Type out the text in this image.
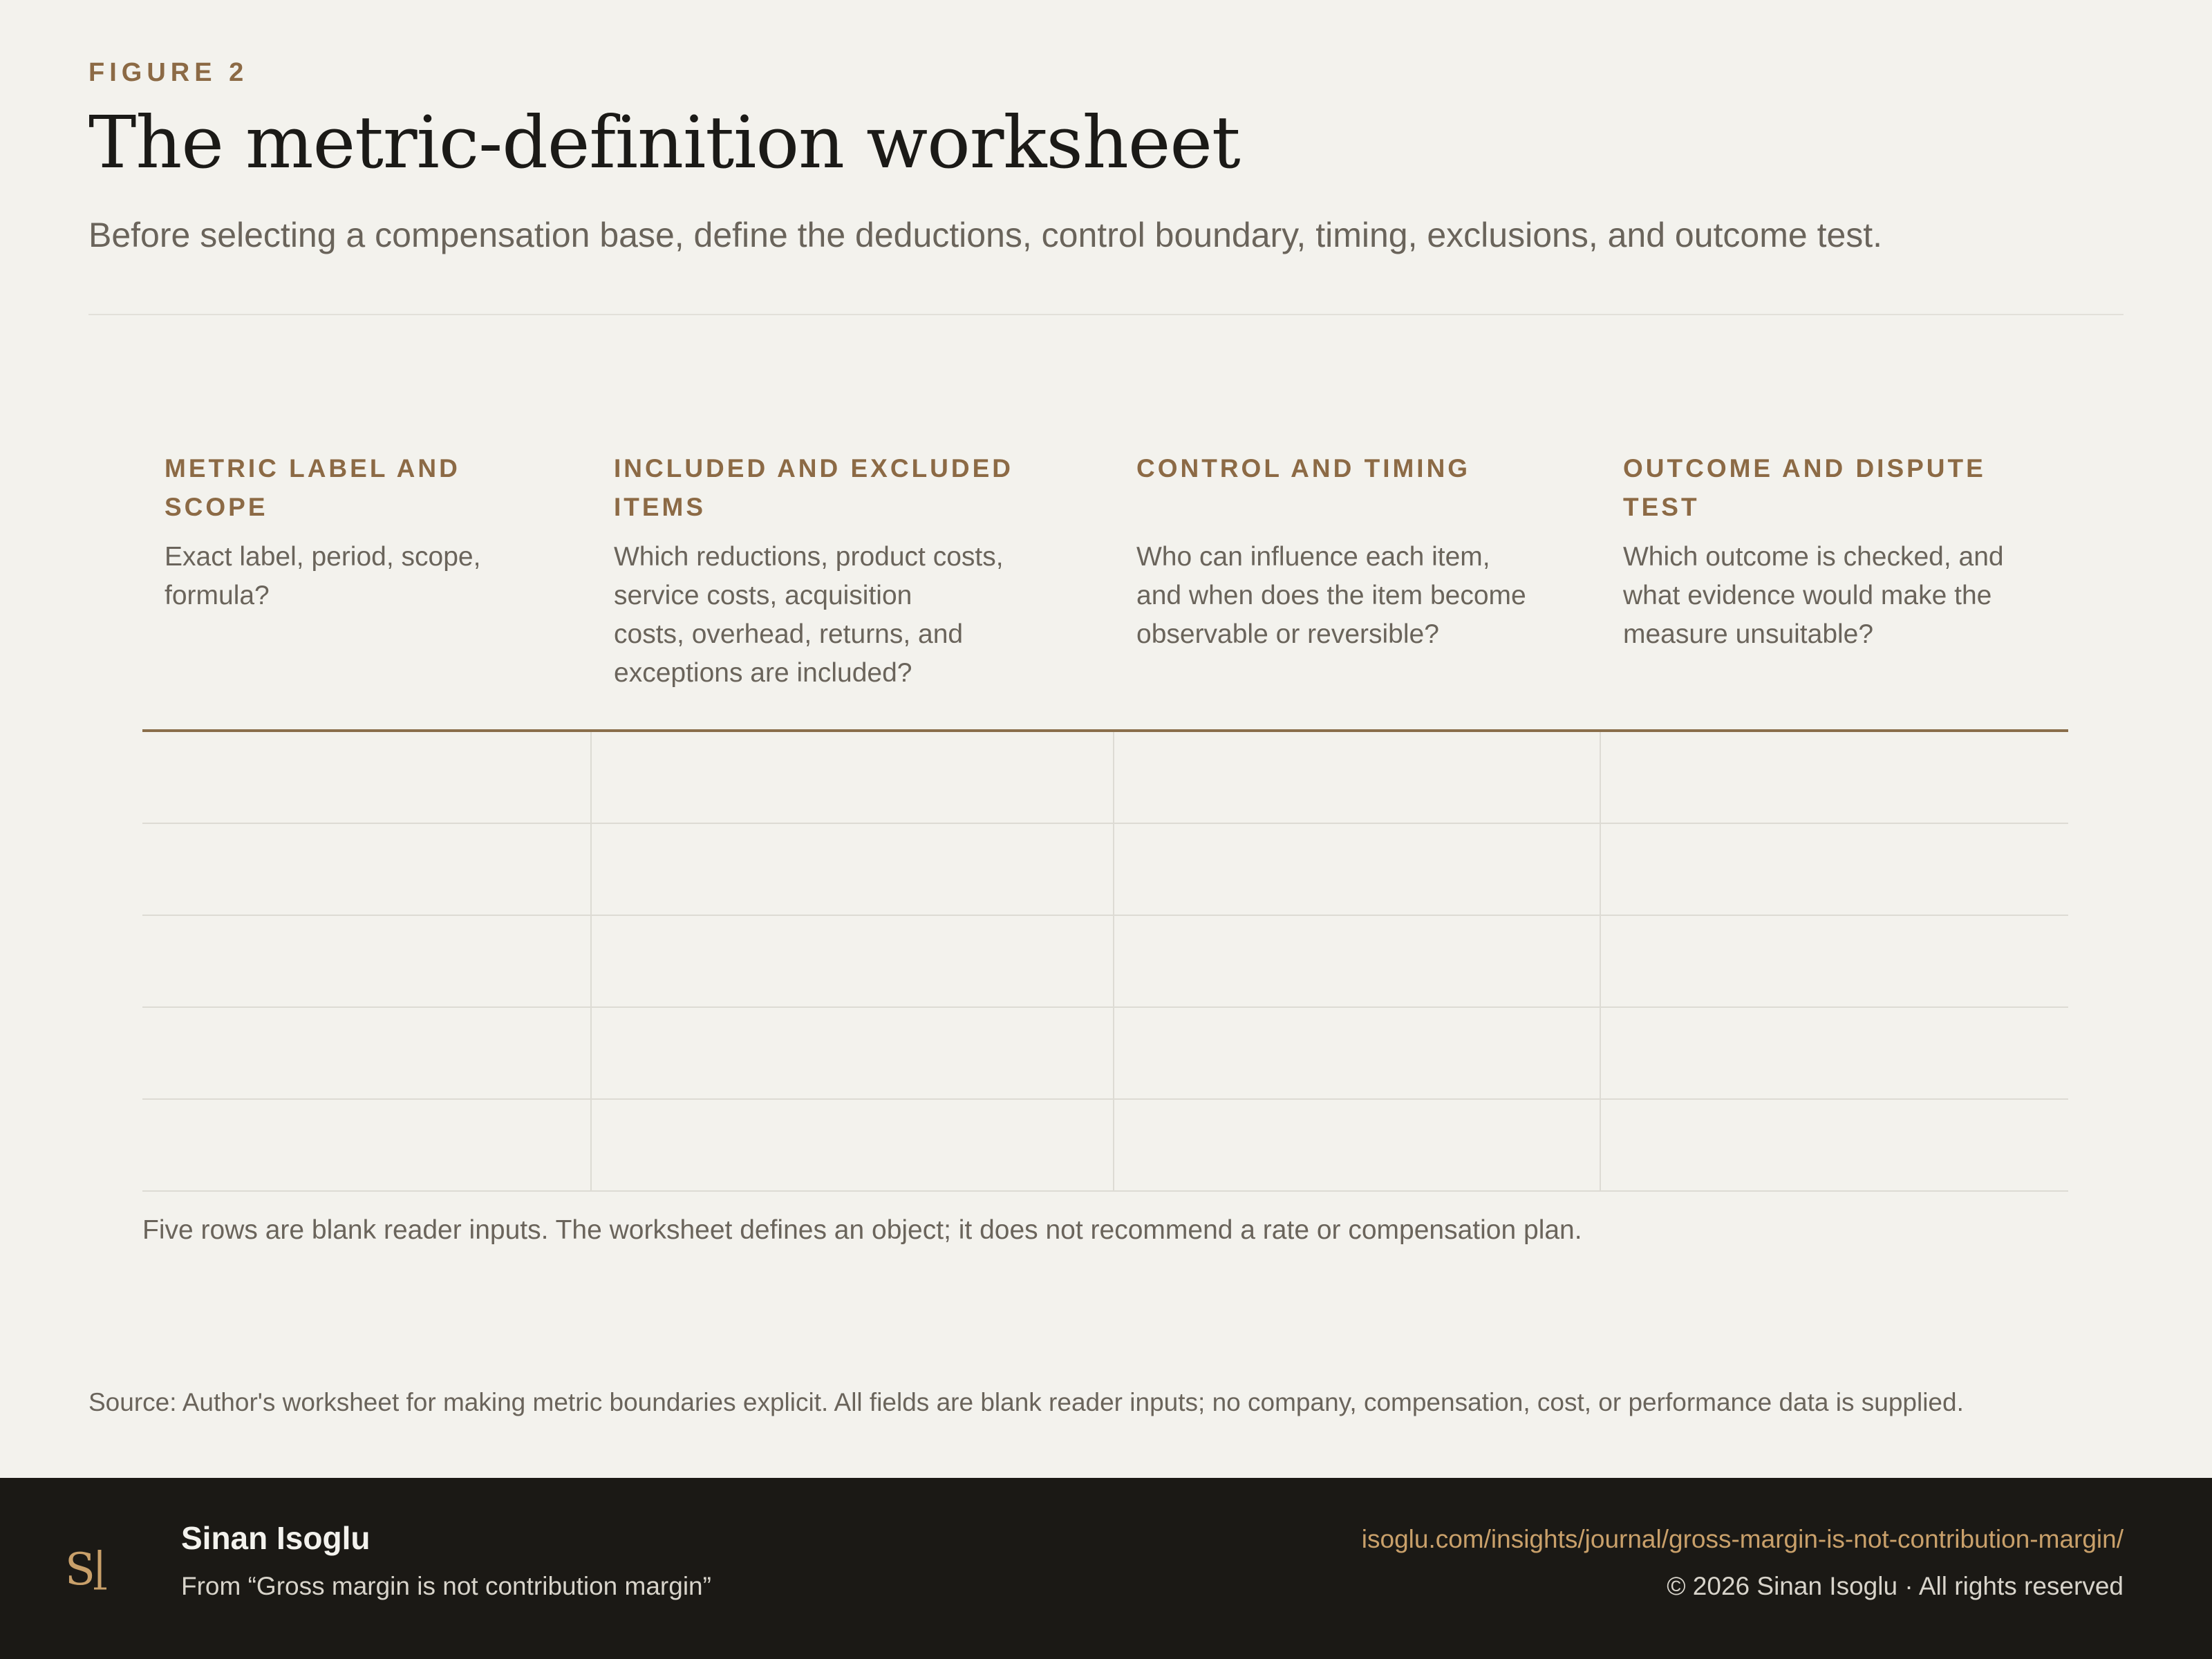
FIGURE 2

The metric-definition worksheet

Before selecting a compensation base, define the deductions, control boundary, timing, exclusions, and outcome test.

METRIC LABEL AND SCOPE

Exact label, period, scope,
formula?

INCLUDED AND EXCLUDED ITEMS

Which reductions, product costs,
service costs, acquisition
costs, overhead, returns, and
exceptions are included?

CONTROL AND TIMING

Who can influence each item,
and when does the item become
observable or reversible?

OUTCOME AND DISPUTE TEST

Which outcome is checked, and
what evidence would make the
measure unsuitable?

Five rows are blank reader inputs. The worksheet defines an object; it does not recommend a rate or compensation plan.
Source: Author's worksheet for making metric boundaries explicit. All fields are blank reader inputs; no company, compensation, cost, or performance data is supplied.
S
Sinan Isoglu
From “Gross margin is not contribution margin”
isoglu.com/insights/journal/gross-margin-is-not-contribution-margin/
© 2026 Sinan Isoglu · All rights reserved
